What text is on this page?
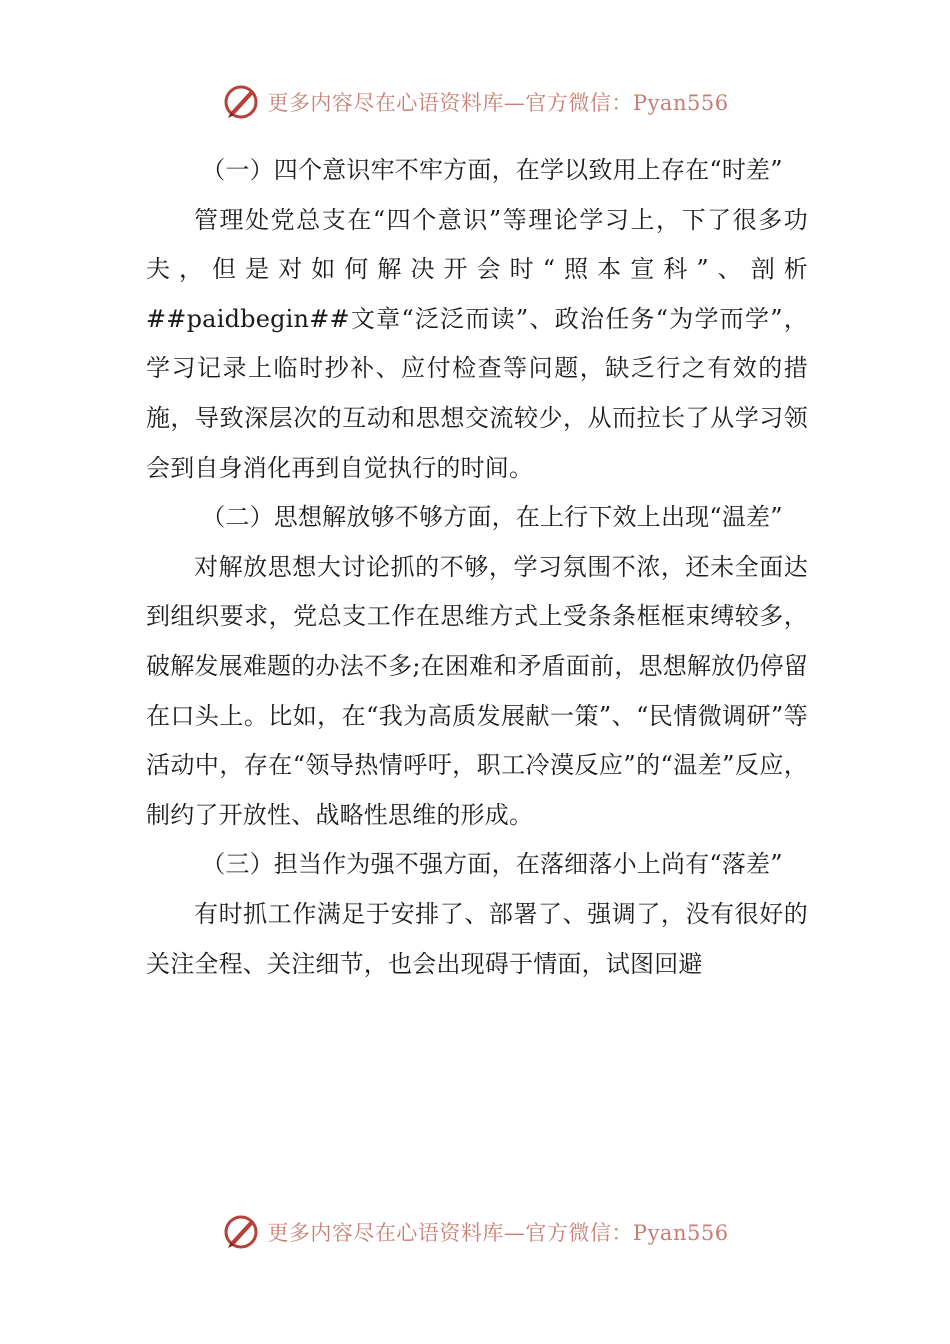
更多内容尽在心语资料库—官方微信：Pyan556

（一）四个意识牢不牢方面，在学以致用上存在“时差”

管理处党总支在“四个意识”等理论学习上，下了很多功夫，但是对如何解决开会时“照本宣科”、剖析##paidbegin##文章“泛泛而读”、政治任务“为学而学”，学习记录上临时抄补、应付检查等问题，缺乏行之有效的措施，导致深层次的互动和思想交流较少，从而拉长了从学习领会到自身消化再到自觉执行的时间。

（二）思想解放够不够方面，在上行下效上出现“温差”

对解放思想大讨论抓的不够，学习氛围不浓，还未全面达到组织要求，党总支工作在思维方式上受条条框框束缚较多，破解发展难题的办法不多;在困难和矛盾面前，思想解放仍停留在口头上。比如，在“我为高质发展献一策”、“民情微调研”等活动中，存在“领导热情呼吁，职工冷漠反应”的“温差”反应，制约了开放性、战略性思维的形成。

（三）担当作为强不强方面，在落细落小上尚有“落差”

有时抓工作满足于安排了、部署了、强调了，没有很好的关注全程、关注细节，也会出现碍于情面，试图回避

更多内容尽在心语资料库—官方微信：Pyan556
